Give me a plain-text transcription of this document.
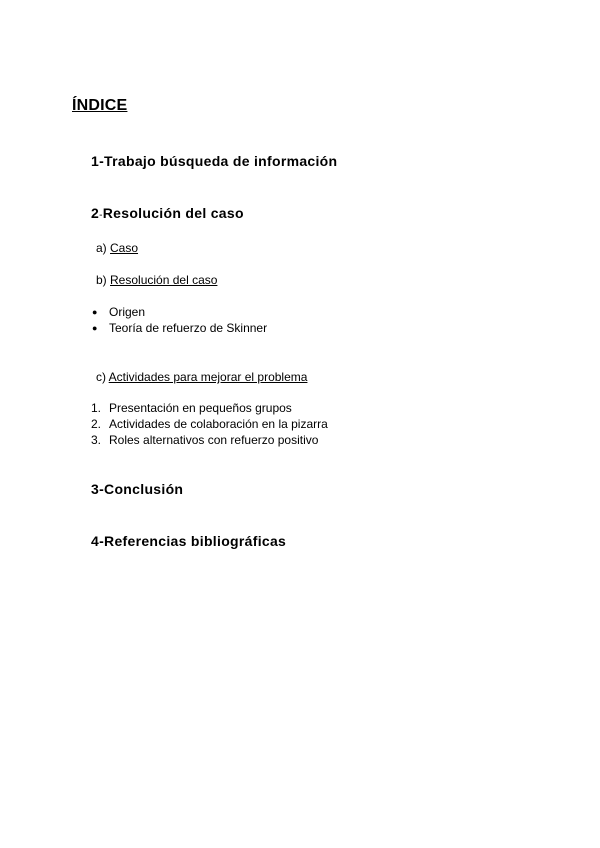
ÍNDICE
1-Trabajo búsqueda de información
2-Resolución del caso
a) Caso
b) Resolución del caso
● Origen
● Teoría de refuerzo de Skinner
c) Actividades para mejorar el problema
1. Presentación en pequeños grupos
2. Actividades de colaboración en la pizarra
3. Roles alternativos con refuerzo positivo
3-Conclusión
4-Referencias bibliográficas
